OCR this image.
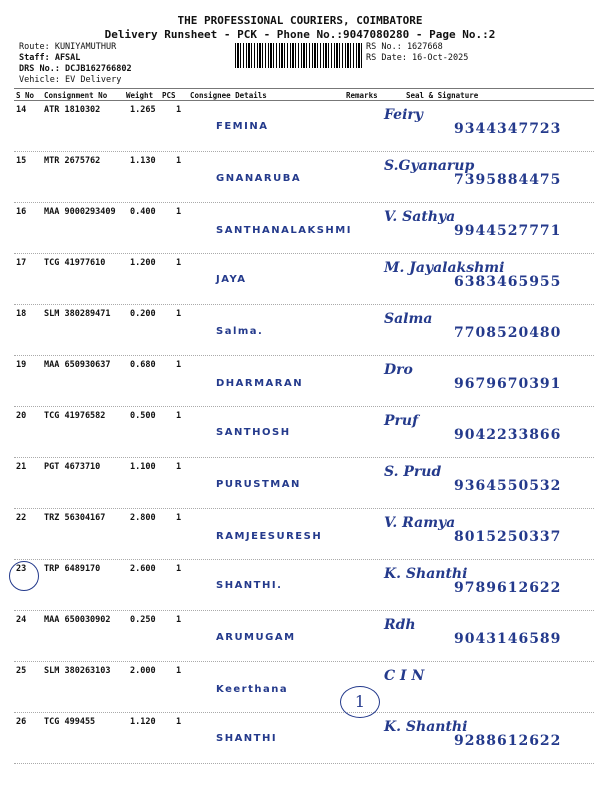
THE PROFESSIONAL COURIERS, COIMBATORE
Delivery Runsheet - PCK - Phone No.:9047080280 - Page No.:2
Route: KUNIYAMUTHUR
Staff: AFSAL
DRS No.: DCJB162766802
Vehicle: EV Delivery
RS No.: 1627668
RS Date: 16-Oct-2025
S No Consignment No	Weight PCS Consignee Details	Remarks	Seal & Signature
14 ATR 1810302	1.265 1
FEMINA
Feiry
9344347723
15 MTR 2675762	1.130 1
GNANARUBA
S.Gyanarup
7395884475
16 MAA 9000293409 0.400 1
SANTHANALAKSHMI
V. Sathya
9944527771
17 TCG 41977610	1.200 1
JAYA
M. Jayalakshmi
6383465955
18 SLM 380289471 0.200 1
Salma.
Salma
7708520480
19 MAA 650930637 0.680 1
DHARMARAN
Dro
9679670391
20 TCG 41976582	0.500 1
SANTHOSH
Pruf
9042233866
21 PGT 4673710	1.100 1
PURUSTMAN
S. Prud
9364550532
22 TRZ 56304167	2.800 1
RAMJEESURESH
V. Ramya
8015250337
23 TRP 6489170	2.600 1
SHANTHI.
K. Shanthi
9789612622
24 MAA 650030902 0.250 1
ARUMUGAM
Rdh
9043146589
25 SLM 380263103 2.000 1
Keerthana
C I N
26 TCG 499455	1.120 1
SHANTHI
K. Shanthi
9288612622
1
